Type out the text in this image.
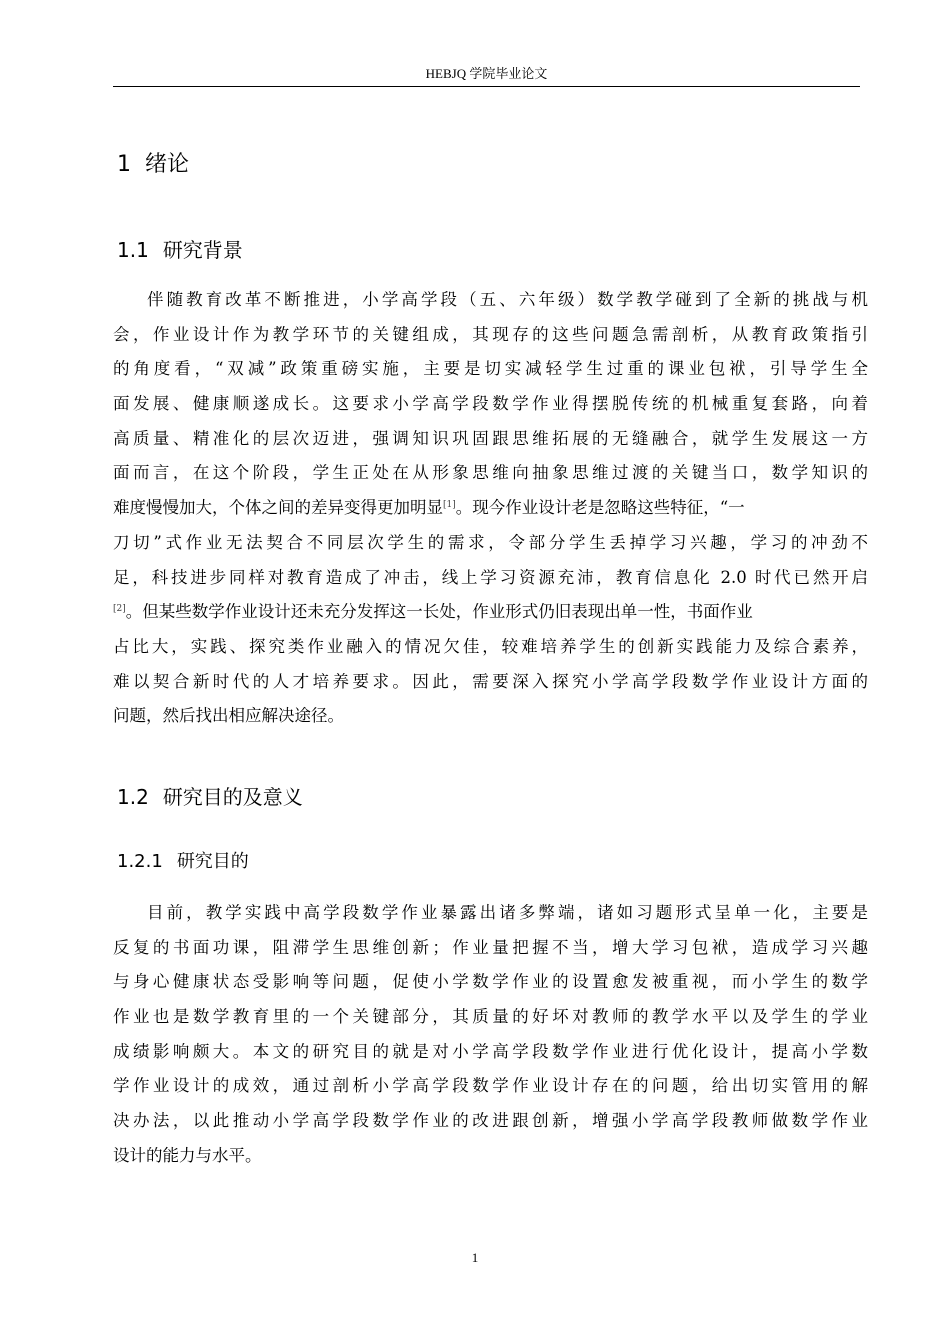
HEBJQ 学院毕业论文
1 绪论
1.1 研究背景
伴随教育改革不断推进，小学高学段（五、六年级）数学教学碰到了全新的挑战与机
会，作业设计作为教学环节的关键组成，其现存的这些问题急需剖析，从教育政策指引
的角度看，“双减”政策重磅实施，主要是切实减轻学生过重的课业包袱，引导学生全
面发展、健康顺遂成长。这要求小学高学段数学作业得摆脱传统的机械重复套路，向着
高质量、精准化的层次迈进，强调知识巩固跟思维拓展的无缝融合，就学生发展这一方
面而言，在这个阶段，学生正处在从形象思维向抽象思维过渡的关键当口，数学知识的
难度慢慢加大，个体之间的差异变得更加明显[1]。现今作业设计老是忽略这些特征，“一
刀切”式作业无法契合不同层次学生的需求，令部分学生丢掉学习兴趣，学习的冲劲不
足，科技进步同样对教育造成了冲击，线上学习资源充沛，教育信息化 2.0 时代已然开启
[2]。但某些数学作业设计还未充分发挥这一长处，作业形式仍旧表现出单一性，书面作业
占比大，实践、探究类作业融入的情况欠佳，较难培养学生的创新实践能力及综合素养，
难以契合新时代的人才培养要求。因此，需要深入探究小学高学段数学作业设计方面的
问题，然后找出相应解决途径。
1.2 研究目的及意义
1.2.1 研究目的
目前，教学实践中高学段数学作业暴露出诸多弊端，诸如习题形式呈单一化，主要是
反复的书面功课，阻滞学生思维创新；作业量把握不当，增大学习包袱，造成学习兴趣
与身心健康状态受影响等问题，促使小学数学作业的设置愈发被重视，而小学生的数学
作业也是数学教育里的一个关键部分，其质量的好坏对教师的教学水平以及学生的学业
成绩影响颇大。本文的研究目的就是对小学高学段数学作业进行优化设计，提高小学数
学作业设计的成效，通过剖析小学高学段数学作业设计存在的问题，给出切实管用的解
决办法，以此推动小学高学段数学作业的改进跟创新，增强小学高学段教师做数学作业
设计的能力与水平。
1
